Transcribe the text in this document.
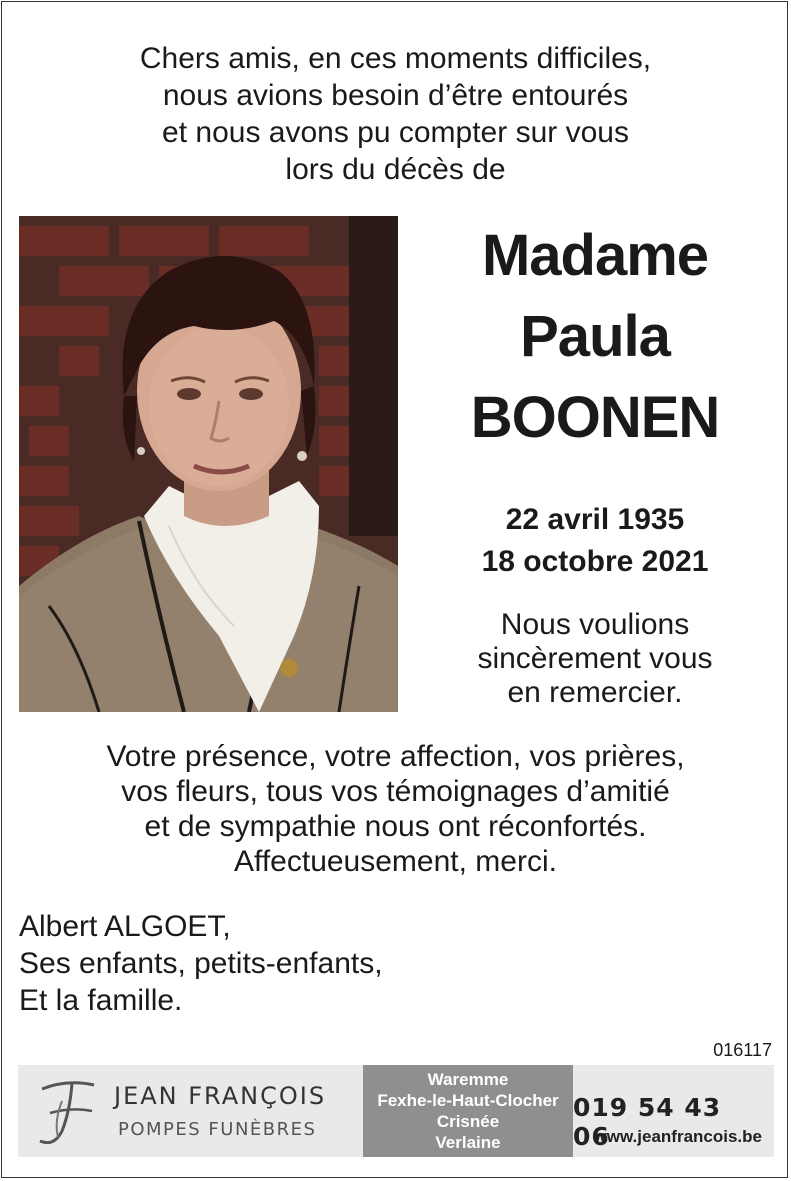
Chers amis, en ces moments difficiles,
nous avions besoin d’être entourés
et nous avons pu compter sur vous
lors du décès de
Madame
Paula
BOONEN
22 avril 1935
18 octobre 2021
Nous voulions
sincèrement vous
en remercier.
Votre présence, votre affection, vos prières,
vos fleurs, tous vos témoignages d’amitié
et de sympathie nous ont réconfortés.
Affectueusement, merci.
Albert ALGOET,
Ses enfants, petits-enfants,
Et la famille.
016117
JEAN FRANÇOIS
POMPES FUNÈBRES
Waremme
Fexhe-le-Haut-Clocher
Crisnée
Verlaine
019 54 43 06
www.jeanfrancois.be
